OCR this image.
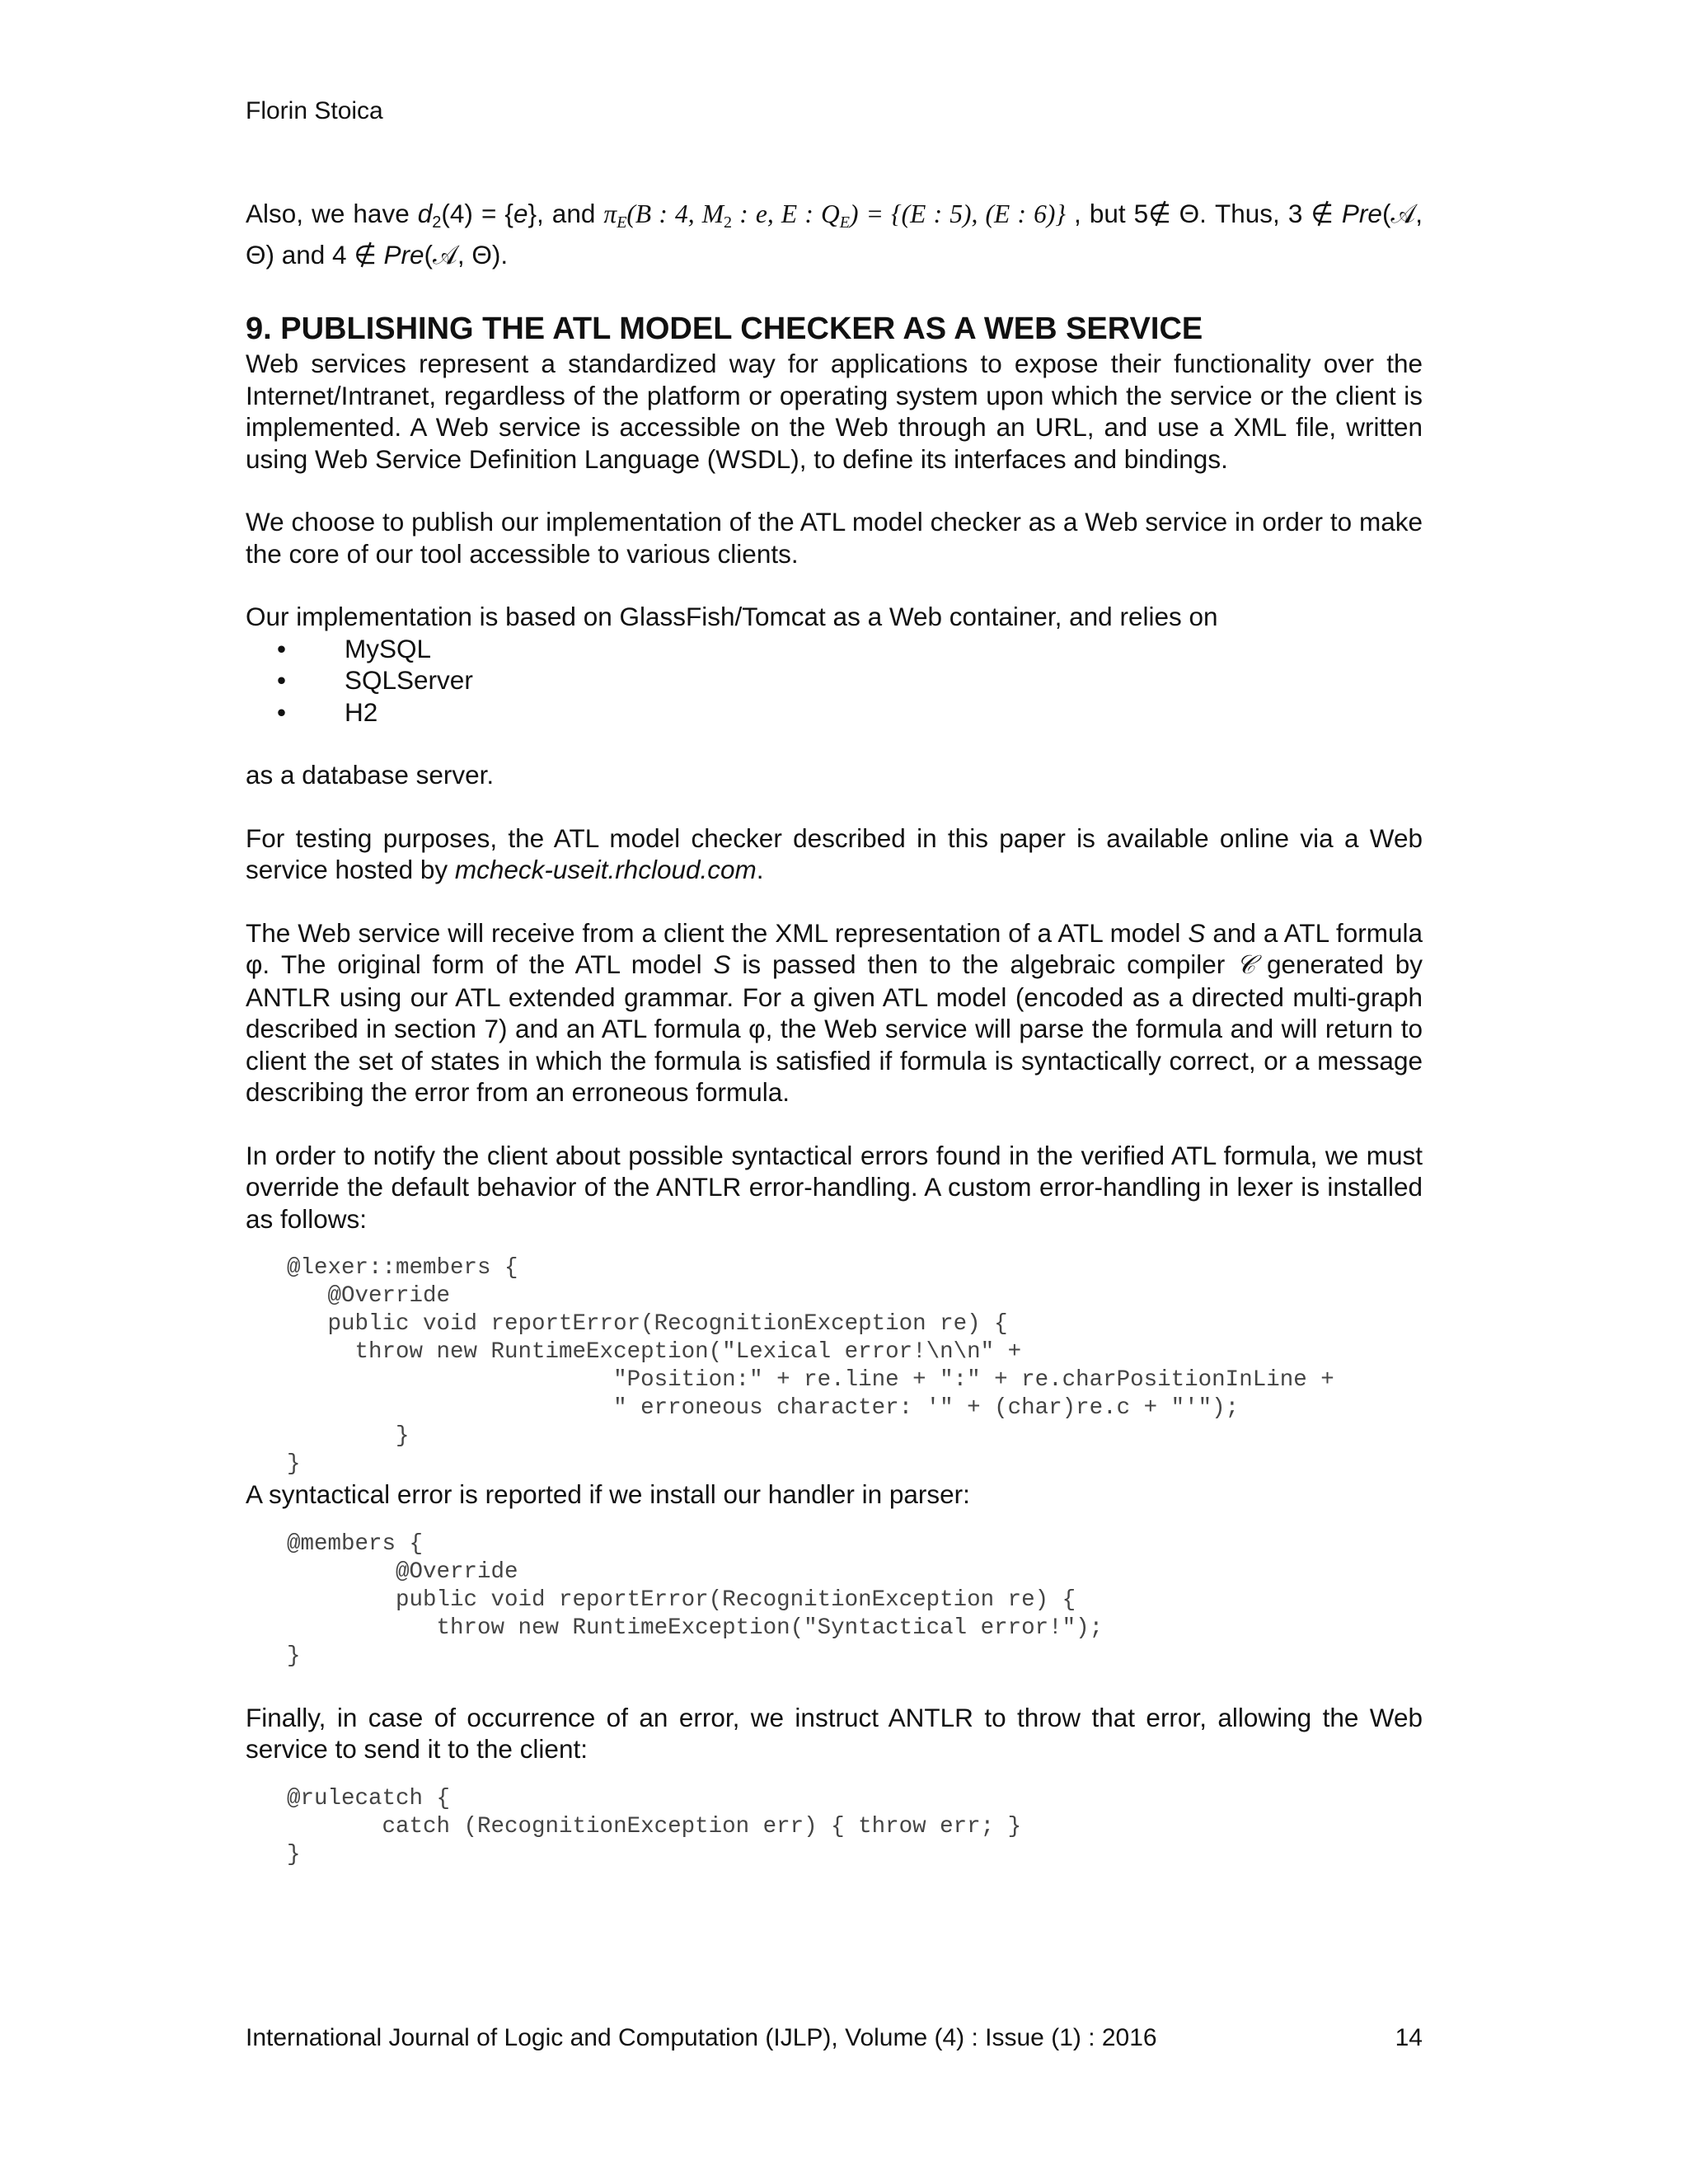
Florin Stoica

Also, we have $d_2(4) = \{e\}$, and $\pi_E(B$ : 4, $M_2$ : e, E : $Q_E) = \{(E$ : 5), (E : 6)} , but 5∉ Θ. Thus, 3 ∉ Pre(𝒜, Θ) and 4 ∉ Pre(𝒜, Θ).

9. PUBLISHING THE ATL MODEL CHECKER AS A WEB SERVICE

Web services represent a standardized way for applications to expose their functionality over the Internet/Intranet, regardless of the platform or operating system upon which the service or the client is implemented. A Web service is accessible on the Web through an URL, and use a XML file, written using Web Service Definition Language (WSDL), to define its interfaces and bindings.

We choose to publish our implementation of the ATL model checker as a Web service in order to make the core of our tool accessible to various clients.

Our implementation is based on GlassFish/Tomcat as a Web container, and relies on

• MySQL
• SQLServer
• H2

as a database server.

For testing purposes, the ATL model checker described in this paper is available online via a Web service hosted by mcheck-useit.rhcloud.com.

The Web service will receive from a client the XML representation of a ATL model S and a ATL formula φ. The original form of the ATL model S is passed then to the algebraic compiler 𝒞 generated by ANTLR using our ATL extended grammar. For a given ATL model (encoded as a directed multi-graph described in section 7) and an ATL formula φ, the Web service will parse the formula and will return to client the set of states in which the formula is satisfied if formula is syntactically correct, or a message describing the error from an erroneous formula.

In order to notify the client about possible syntactical errors found in the verified ATL formula, we must override the default behavior of the ANTLR error-handling. A custom error-handling in lexer is installed as follows:

@lexer::members {
@Override
public void reportError(RecognitionException re) {
throw new RuntimeException("Lexical error!\n\n" +
"Position:" + re.line + ":" + re.charPositionInLine +
" erroneous character: '" + (char)re.c + "'");
}
}

A syntactical error is reported if we install our handler in parser:

@members {
@Override
public void reportError(RecognitionException re) {
throw new RuntimeException("Syntactical error!");
}

Finally, in case of occurrence of an error, we instruct ANTLR to throw that error, allowing the Web service to send it to the client:

@rulecatch {
catch (RecognitionException err) { throw err; }
}
International Journal of Logic and Computation (IJLP), Volume (4) : Issue (1) : 2016	14
